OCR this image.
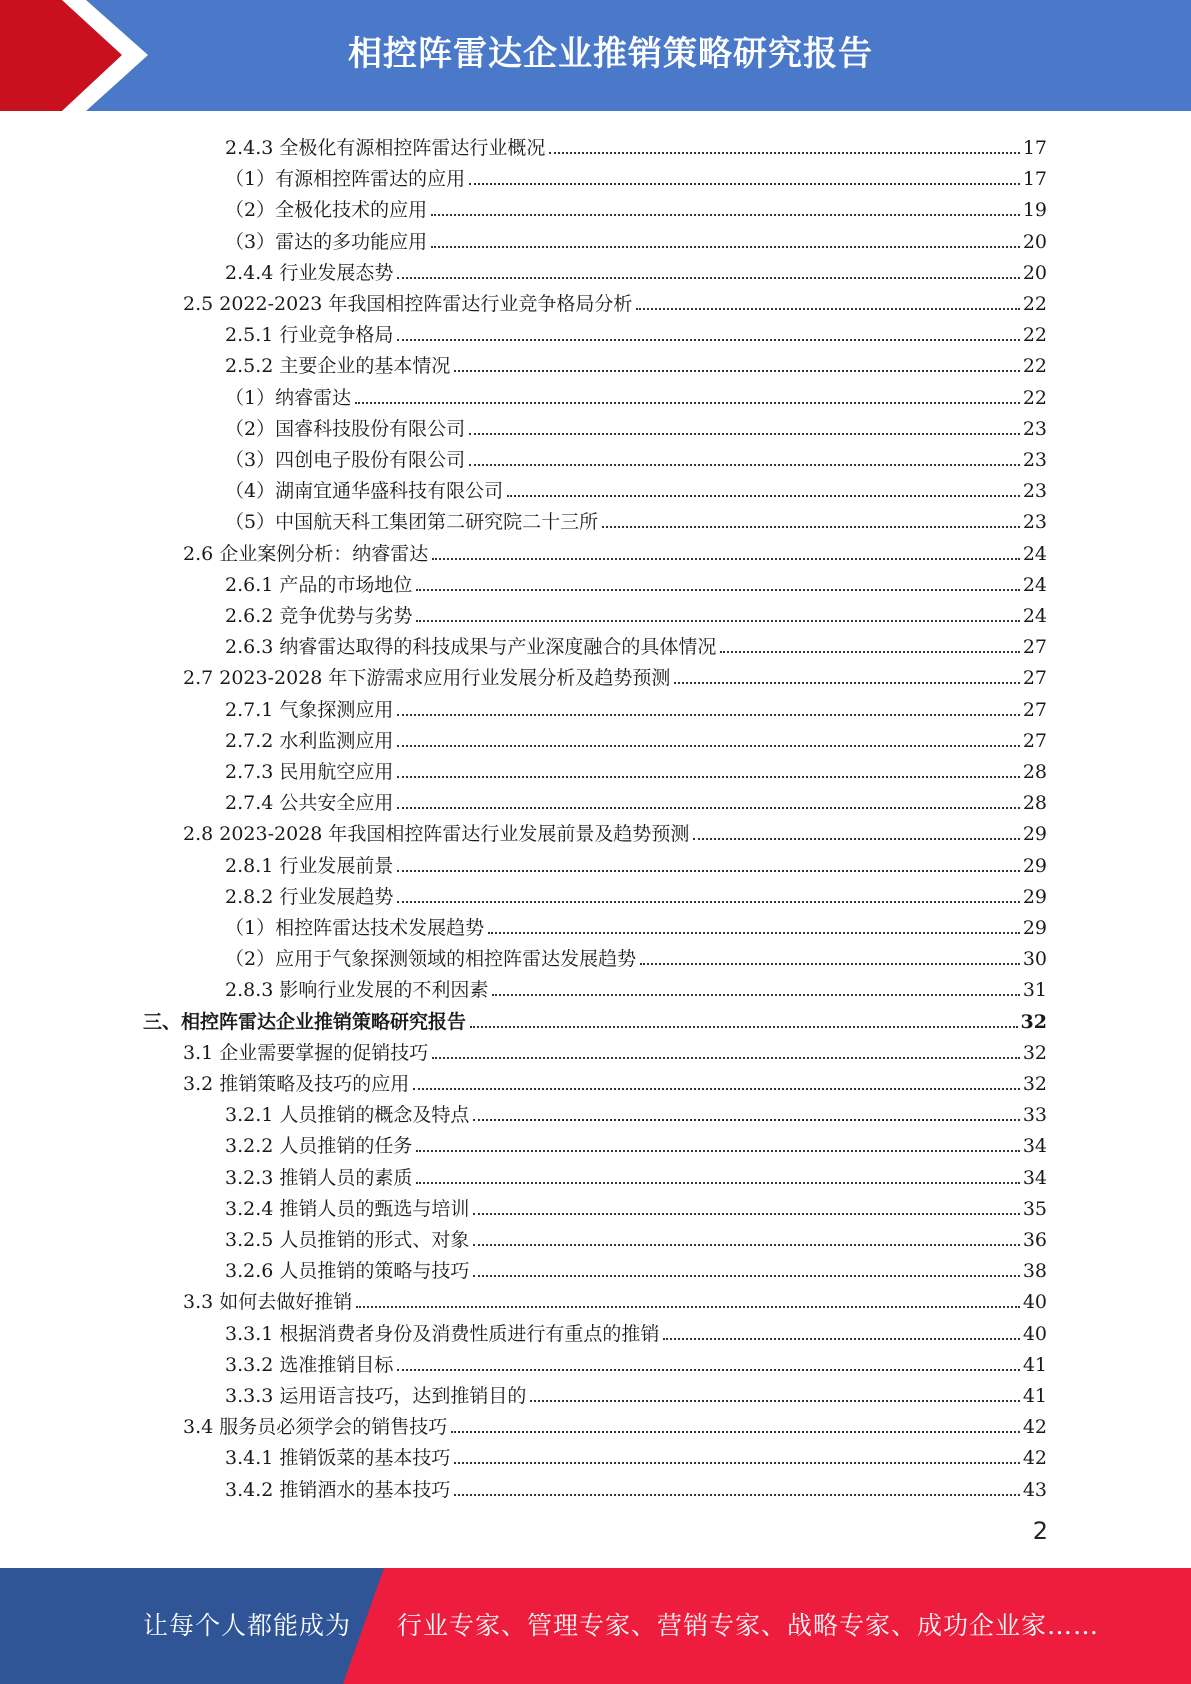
相控阵雷达企业推销策略研究报告
2.4.3 全极化有源相控阵雷达行业概况	17
（1）有源相控阵雷达的应用	17
（2）全极化技术的应用	19
（3）雷达的多功能应用	20
2.4.4 行业发展态势	20
2.5 2022-2023 年我国相控阵雷达行业竞争格局分析	22
2.5.1 行业竞争格局	22
2.5.2 主要企业的基本情况	22
（1）纳睿雷达	22
（2）国睿科技股份有限公司	23
（3）四创电子股份有限公司	23
（4）湖南宜通华盛科技有限公司	23
（5）中国航天科工集团第二研究院二十三所	23
2.6 企业案例分析：纳睿雷达	24
2.6.1 产品的市场地位	24
2.6.2 竞争优势与劣势	24
2.6.3 纳睿雷达取得的科技成果与产业深度融合的具体情况	27
2.7 2023-2028 年下游需求应用行业发展分析及趋势预测	27
2.7.1 气象探测应用	27
2.7.2 水利监测应用	27
2.7.3 民用航空应用	28
2.7.4 公共安全应用	28
2.8 2023-2028 年我国相控阵雷达行业发展前景及趋势预测	29
2.8.1 行业发展前景	29
2.8.2 行业发展趋势	29
（1）相控阵雷达技术发展趋势	29
（2）应用于气象探测领域的相控阵雷达发展趋势	30
2.8.3 影响行业发展的不利因素	31
三、相控阵雷达企业推销策略研究报告	32
3.1 企业需要掌握的促销技巧	32
3.2 推销策略及技巧的应用	32
3.2.1 人员推销的概念及特点	33
3.2.2 人员推销的任务	34
3.2.3 推销人员的素质	34
3.2.4 推销人员的甄选与培训	35
3.2.5 人员推销的形式、对象	36
3.2.6 人员推销的策略与技巧	38
3.3 如何去做好推销	40
3.3.1 根据消费者身份及消费性质进行有重点的推销	40
3.3.2 选准推销目标	41
3.3.3 运用语言技巧，达到推销目的	41
3.4 服务员必须学会的销售技巧	42
3.4.1 推销饭菜的基本技巧	42
3.4.2 推销酒水的基本技巧	43
2
让每个人都能成为 行业专家、管理专家、营销专家、战略专家、成功企业家……
